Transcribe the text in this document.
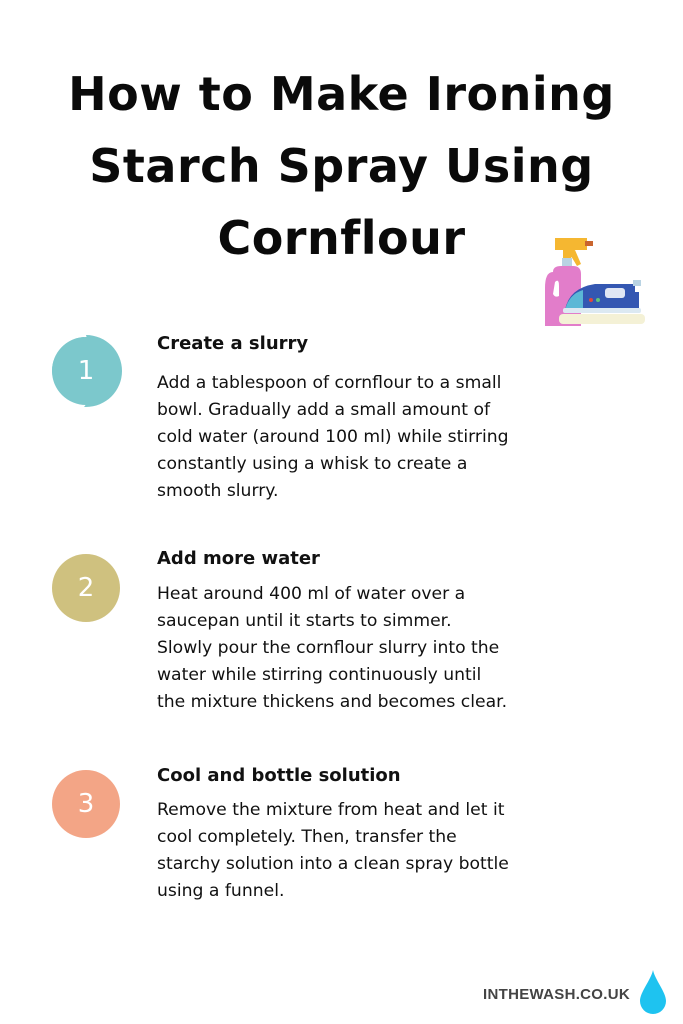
How to Make Ironing
Starch Spray Using
Cornflour
1
Create a slurry
Add a tablespoon of cornflour to a small
bowl. Gradually add a small amount of
cold water (around 100 ml) while stirring
constantly using a whisk to create a
smooth slurry.
2
Add more water
Heat around 400 ml of water over a
saucepan until it starts to simmer.
Slowly pour the cornflour slurry into the
water while stirring continuously until
the mixture thickens and becomes clear.
3
Cool and bottle solution
Remove the mixture from heat and let it
cool completely. Then, transfer the
starchy solution into a clean spray bottle
using a funnel.
INTHEWASH.CO.UK
